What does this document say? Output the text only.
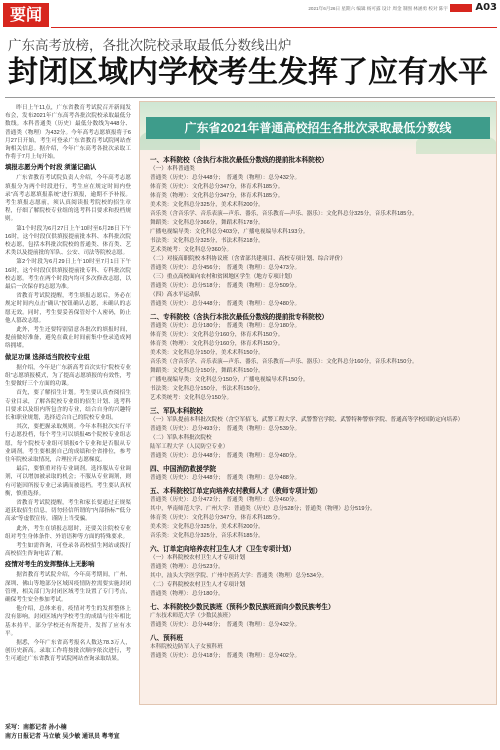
要闻	2021年6月26日 星期六 编辑 杨可露 设计 周金 制图 林涵勇 校对 陈宇	A03
广东高考放榜，各批次院校录取最低分数线出炉
封闭区域内学校考生发挥了应有水平

昨日上午11点，广东省教育考试院召开新闻发布会，发布2021年广东高考各批次院校录取最低分数线。本科普通类（历史）最低分数线为448分、普通类（物理）为432分。今年高考志愿填报将于6月27日开始，考生可登录广东省教育考试院网站查询相关信息。据介绍，今年广东高考各批次录取工作将于7月上旬开始。

填报志愿分两个时段 须谨记确认

广东省教育考试院负责人介绍，今年高考志愿填报分为两个时段进行，考生应在规定时间内登录“高考志愿填报系统”进行填报，逾期不予补报。考生填报志愿前，须认真阅读报考院校的招生章程，仔细了解院校专业组的选考科目要求和投档规则。

第1个时段为6月27日上午10时至6月28日下午16时，这个时段仅供填报提前批本科、本科批次院校志愿，包括本科批次院校的普通类、体育类、艺术类以及提前批的军队、公安、司法等院校志愿。

第2个时段为6月29日上午10时至7月1日下午16时，这个时段仅供填报提前批专科、专科批次院校志愿。考生在两个时段内均可多次修改志愿，以最后一次保存的志愿为准。

省教育考试院提醒，考生填报志愿后，务必在规定时间内点击“确认”按钮确认志愿，未确认的志愿无效。同时，考生要妥善保管好个人密码，防止他人篡改志愿。

此外，考生还要特别留意各批次的填报时间，提前做好准备，避免在截止时间前集中登录造成网络拥堵。

做足功课 选择适当院校专业组

据介绍，今年是广东新高考首次实行“院校专业组”志愿填报模式，为了提高志愿填报的有效性，考生要做好三个方面的功课。

首先，要了解招生计划。考生要认真查阅招生专业目录，了解各院校专业组的招生计划、选考科目要求以及组内所包含的专业，结合自身的兴趣特长和职业规划，选择适合自己的院校专业组。

其次，要把握录取规则。今年本科批次实行平行志愿投档，每个考生可以填报45个院校专业组志愿，每个院校专业组可填报6个专业和是否服从专业调剂。考生要根据自己的成绩和全省排位，参考往年院校录取情况，合理拉开志愿梯度。

最后，要慎重对待专业调剂。选择服从专业调剂，可以增加被录取的机会；不服从专业调剂，则有可能因所报专业已录满而被退档。考生要认真权衡，慎重选择。

省教育考试院提醒，考生和家长要通过正规渠道获取招生信息，切勿轻信所谓的“内部指标”“低分高录”等虚假宣传，谨防上当受骗。

此外，考生在填报志愿时，还要关注院校专业组对考生身体条件、外语语种等方面的特殊要求。

考生如需咨询，可登录各高校招生网站或拨打高校招生咨询电话了解。

疫情对考生的发挥整体上无影响

据省教育考试院介绍，今年高考期间，广州、深圳、佛山等地部分区域因疫情防控需要实施封闭管理，相关部门为封闭区域考生设置了专门考点，确保考生安全参加考试。

他介绍，总体来看，疫情对考生的发挥整体上没有影响。封闭区域内学校考生的成绩与往年相比基本持平，部分学校还有所提升，发挥了应有水平。

据悉，今年广东省高考报名人数达78.3万人，创历史新高。录取工作将按批次顺序依次进行，考生可通过广东省教育考试院网站查询录取结果。

采写：南都记者 孙小楠
南方日报记者 马立敏 吴少敏 通讯员 粤考宣
广东省2021年普通高校招生各批次录取最低分数线
一、本科院校（含执行本批次最低分数线的提前批本科院校）
（一）本科普通类
普通类（历史）：总分448分；　普通类（物理）：总分432分。
体育类（历史）：文化科总分347分，体育术科185分。
体育类（物理）：文化科总分347分，体育术科185分。
美术类：文化科总分325分，美术术科200分。
音乐类（含音乐学、音乐表演—声乐、器乐，音乐教育—声乐、器乐）：文化科总分325分，音乐术科185分。
舞蹈类：文化科总分366分，舞蹈术科178分。
广播电视编导类：文化科总分403分，广播电视编导术科193分。
书法类：文化科总分325分，书法术科218分。
艺术类统考：文化科总分360分。
（二）对接高职院校本科协议班（含省部共建项目、高校专项计划、综合评价）
普通类（历史）：总分456分；　普通类（物理）：总分473分。
（三）重点高校面向农村和贫困地区学生（地方专项计划）
普通类（历史）：总分518分；　普通类（物理）：总分509分。
（四）高水平运动队
普通类（历史）：总分448分；　普通类（物理）：总分480分。
二、专科院校（含执行本批次最低分数线的提前批专科院校）
普通类（历史）：总分180分；　普通类（物理）：总分180分。
体育类（历史）：文化科总分160分，体育术科150分。
体育类（物理）：文化科总分160分，体育术科150分。
美术类：文化科总分150分，美术术科150分。
音乐类（含音乐学、音乐表演—声乐、器乐，音乐教育—声乐、器乐）：文化科总分160分，音乐术科150分。
舞蹈类：文化科总分150分，舞蹈术科150分。
广播电视编导类：文化科总分150分，广播电视编导术科150分。
书法类：文化科总分150分，书法术科150分。
艺术类统考：文化科总分150分。
三、军队本科院校
（一）军队提前本科批次院校（含空军招飞、武警工程大学、武警警官学院、武警特种警察学院、普通高等学校国防定向培养）
普通类（历史）：总分493分；　普通类（物理）：总分539分。
（二）军队本科批次院校
陆军工程大学（人民防空专业）
普通类（历史）：总分448分；　普通类（物理）：总分480分。
四、中国消防救援学院
普通类（历史）：总分448分；　普通类（物理）：总分488分。
五、本科院校订单定向培养农村教师人才（教师专项计划）
普通类（历史）：总分472分；　普通类（物理）：总分460分。
其中，华南师范大学、广州大学：普通类（历史）总分528分；普通类（物理）总分519分。
体育类（历史）：文化科总分347分，体育术科185分。
美术类：文化科总分325分，美术术科200分。
音乐类：文化科总分325分，音乐术科185分。
六、订单定向培养农村卫生人才（卫生专项计划）
（一）本科院校农村卫生人才专项计划
普通类（物理）：总分523分。
其中，汕头大学医学院、广州中医药大学：普通类（物理）总分534分。
（二）专科院校农村卫生人才专项计划
普通类（物理）：总分180分。
七、本科院校少数民族班（预科少数民族班面向少数民族考生）
广东技术师范大学（少数民族班）
普通类（历史）：总分448分；　普通类（物理）：总分432分。
八、预科班
本科院校边防军人子女预科班
普通类（历史）：总分418分；　普通类（物理）：总分402分。
